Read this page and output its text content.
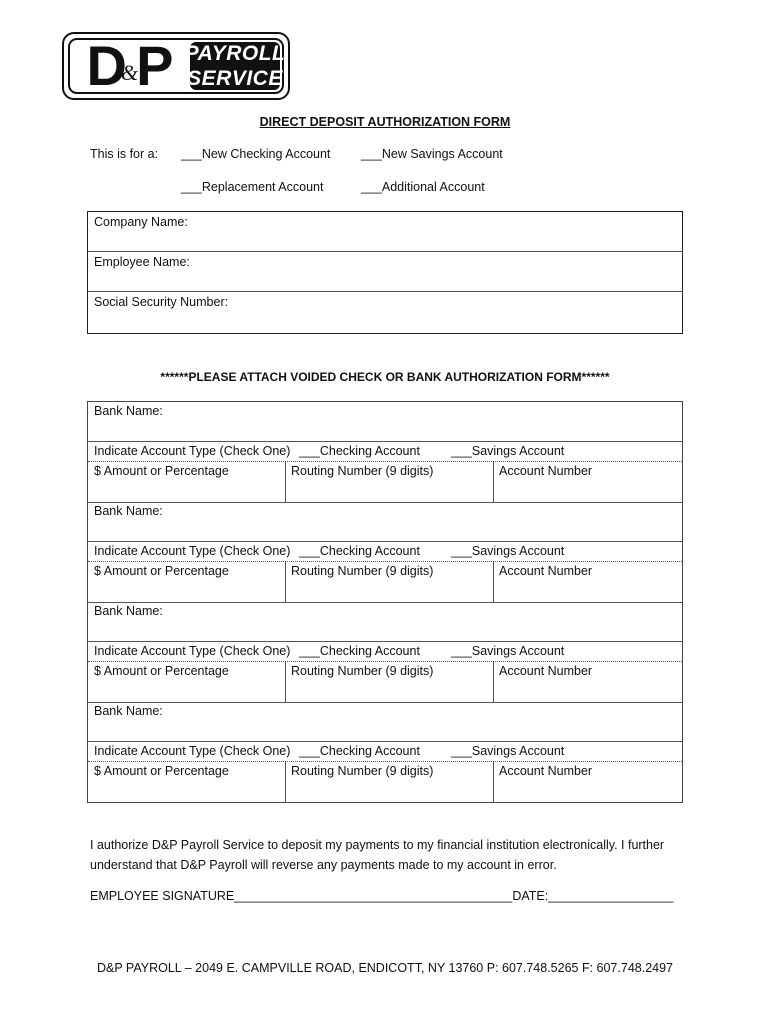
D
&
P PAYROLL
SERVICE
DIRECT DEPOSIT AUTHORIZATION FORM
This is for a: ___New Checking Account ___New Savings Account
___Replacement Account	___Additional Account
Company Name:
Employee Name:
Social Security Number:
******PLEASE ATTACH VOIDED CHECK OR BANK AUTHORIZATION FORM******
Bank Name:
Indicate Account Type (Check One) ___Checking Account ___Savings Account
$ Amount or Percentage	Routing Number (9 digits)	Account Number
Bank Name:
Indicate Account Type (Check One) ___Checking Account ___Savings Account
$ Amount or Percentage	Routing Number (9 digits)	Account Number
Bank Name:
Indicate Account Type (Check One) ___Checking Account ___Savings Account
$ Amount or Percentage	Routing Number (9 digits)	Account Number
Bank Name:
Indicate Account Type (Check One) ___Checking Account ___Savings Account
$ Amount or Percentage	Routing Number (9 digits)	Account Number
I authorize D&P Payroll Service to deposit my payments to my financial institution electronically. I further understand that D&P Payroll will reverse any payments made to my account in error.
EMPLOYEE SIGNATURE________________________________________DATE:__________________
D&P PAYROLL – 2049 E. CAMPVILLE ROAD, ENDICOTT, NY 13760 P: 607.748.5265 F: 607.748.2497
